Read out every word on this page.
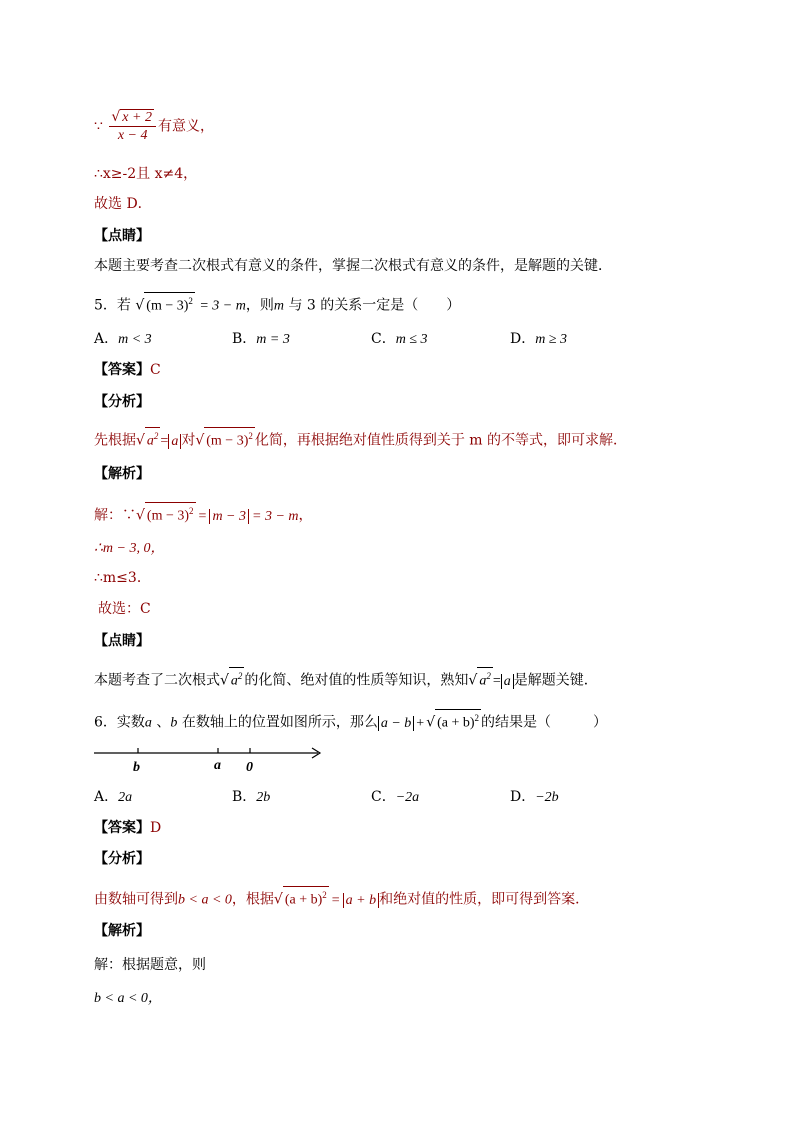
∵ $\frac{√ x + 2}{x - 4}$ 有意义，
∴x≥-2且 x≠4，
故选 D．
【点睛】
本题主要考查二次根式有意义的条件，掌握二次根式有意义的条件，是解题的关键．
5．若 √ $(m - 3)^2 = 3 - m$，则m 与 3 的关系一定是（　　）
A．m < 3	B．m = 3	C．m ≤ 3	D．m ≥ 3
【答案】C
【分析】
先根据√ $a^2 = a$ 对√ $(m - 3)^2$ 化简，再根据绝对值性质得到关于 m 的不等式，即可求解．
【解析】
解：∵√ $(m - 3)^2 = m - 3 = 3 - m$，
∴m − 3, 0，
∴m≤3．
故选：C
【点睛】
本题考查了二次根式√ $a^2$ 的化简、绝对值的性质等知识，熟知√ $a^2 = a$ 是解题关键．
6．实数a 、b 在数轴上的位置如图所示，那么 a − b + √ $(a + b)^2$ 的结果是（　　　）
b	a 0
A．2a	B．2b	C．−2a	D．−2b
【答案】D
【分析】
由数轴可得到b < a < 0，根据√ $(a + b)^2 = a + b$ 和绝对值的性质，即可得到答案．
【解析】
解：根据题意，则
b < a < 0，
